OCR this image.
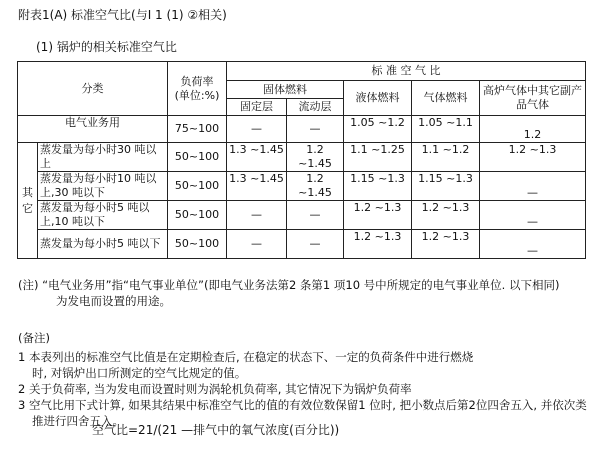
附表1(A) 标准空气比(与Ⅰ 1 (1) ②相关)
(1) 锅炉的相关标准空气比
分类		负荷率
(单位:%)	标 准 空 气 比				
			固体燃料		液体燃料	气体燃料	高炉气体中其它副产品气体
			固定层	流动层			
电气业务用		75~100	—	—	1.05 ~1.2	1.05 ~1.1	1.2
其它	蒸发量为每小时30 吨以上	50~100	1.3 ~1.45	1.2 ~1.45	1.1 ~1.25	1.1 ~1.2	1.2 ~1.3
	蒸发量为每小时10 吨以上,30 吨以下	50~100	1.3 ~1.45	1.2 ~1.45	1.15 ~1.3	1.15 ~1.3	—
	蒸发量为每小时5 吨以上,10 吨以下	50~100	—	—	1.2 ~1.3	1.2 ~1.3	—
	蒸发量为每小时5 吨以下	50~100	—	—	1.2 ~1.3	1.2 ~1.3	—
(注) “电气业务用”指“电气事业单位”(即电气业务法第2 条第1 项10 号中所规定的电气事业单位. 以下相同)
为发电而设置的用途。
(备注)
1 本表列出的标准空气比值是在定期检查后, 在稳定的状态下、一定的负荷条件中进行燃烧
时, 对锅炉出口所测定的空气比规定的值。
2 关于负荷率, 当为发电而设置时则为涡轮机负荷率, 其它情况下为锅炉负荷率
3 空气比用下式计算, 如果其结果中标准空气比的值的有效位数保留1 位时, 把小数点后第2位四舍五入, 并依次类
推进行四舍五入。
空气比=21/(21 —排气中的氧气浓度(百分比))
